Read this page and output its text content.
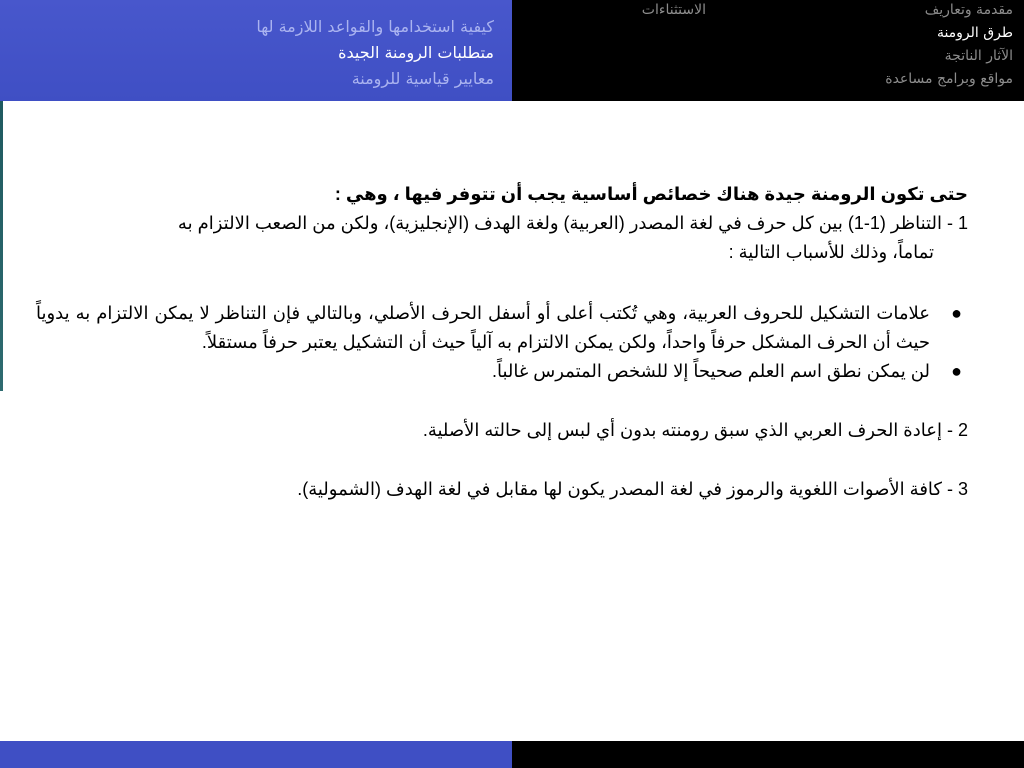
كيفية استخدامها والقواعد اللازمة لها
متطلبات الرومنة الجيدة
معايير قياسية للرومنة
مقدمة وتعاريف
طرق الرومنة
الآثار الناتجة
مواقع وبرامج مساعدة
الاستثناءات

حتى تكون الرومنة جيدة هناك خصائص أساسية يجب أن تتوفر فيها ، وهي :

1 - التناظر (1-1) بين كل حرف في لغة المصدر (العربية) ولغة الهدف (الإنجليزية)، ولكن من الصعب الالتزام به

تماماً، وذلك للأسباب التالية :

●
علامات التشكيل للحروف العربية، وهي تُكتب أعلى أو أسفل الحرف الأصلي، وبالتالي فإن التناظر لا يمكن الالتزام به يدوياً حيث أن الحرف المشكل حرفاً واحداً، ولكن يمكن الالتزام به آلياً حيث أن التشكيل يعتبر حرفاً مستقلاً.
●
لن يمكن نطق اسم العلم صحيحاً إلا للشخص المتمرس غالباً.

2 - إعادة الحرف العربي الذي سبق رومنته بدون أي لبس إلى حالته الأصلية.

3 - كافة الأصوات اللغوية والرموز في لغة المصدر يكون لها مقابل في لغة الهدف (الشمولية).
